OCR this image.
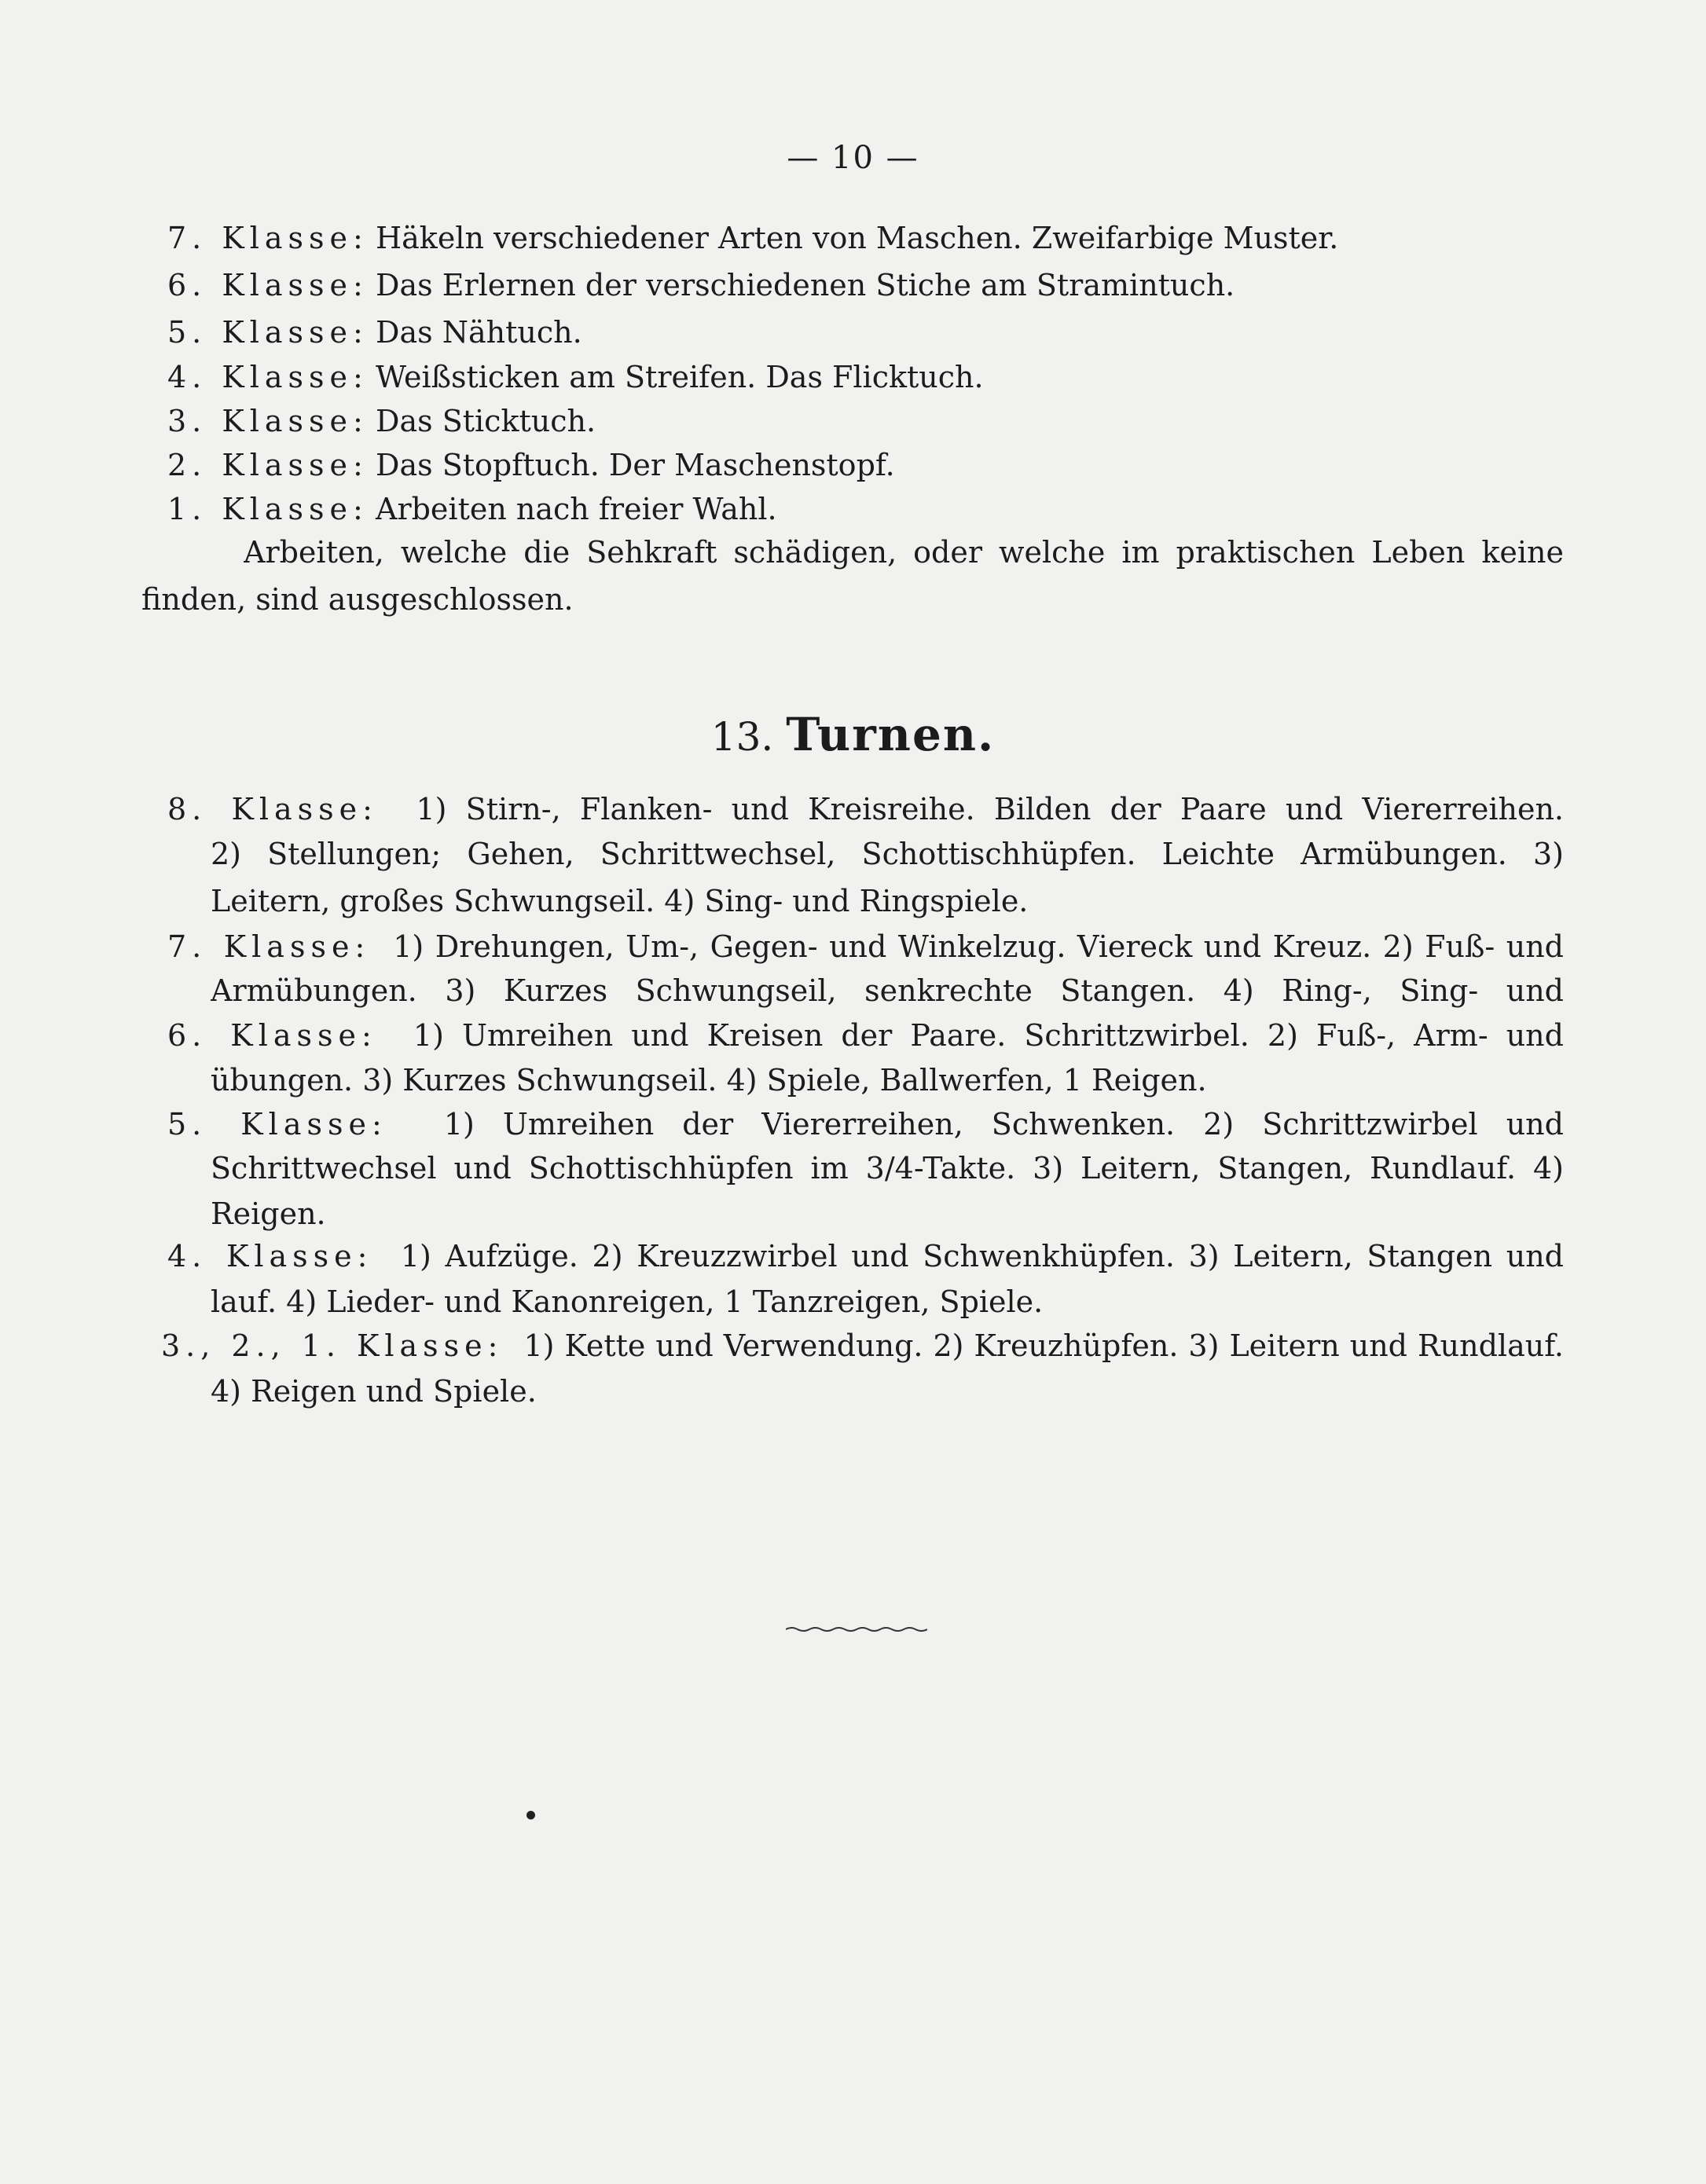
— 10 —
7. Klasse: Häkeln verschiedener Arten von Maschen. Zweifarbige Muster.
6. Klasse: Das Erlernen der verschiedenen Stiche am Stramintuch.
5. Klasse: Das Nähtuch.
4. Klasse: Weißsticken am Streifen. Das Flicktuch.
3. Klasse: Das Sticktuch.
2. Klasse: Das Stopftuch. Der Maschenstopf.
1. Klasse: Arbeiten nach freier Wahl.
Arbeiten, welche die Sehkraft schädigen, oder welche im praktischen Leben keine
finden, sind ausgeschlossen.
13. Turnen.
8. Klasse: 1) Stirn-, Flanken- und Kreisreihe. Bilden der Paare und Viererreihen.
2) Stellungen; Gehen, Schrittwechsel, Schottischhüpfen. Leichte Armübungen. 3)
Leitern, großes Schwungseil. 4) Sing- und Ringspiele.
7. Klasse: 1) Drehungen, Um-, Gegen- und Winkelzug. Viereck und Kreuz. 2) Fuß- und
Armübungen. 3) Kurzes Schwungseil, senkrechte Stangen. 4) Ring-, Sing- und
6. Klasse: 1) Umreihen und Kreisen der Paare. Schrittzwirbel. 2) Fuß-, Arm- und
übungen. 3) Kurzes Schwungseil. 4) Spiele, Ballwerfen, 1 Reigen.
5. Klasse: 1) Umreihen der Viererreihen, Schwenken. 2) Schrittzwirbel und
Schrittwechsel und Schottischhüpfen im 3/4-Takte. 3) Leitern, Stangen, Rundlauf. 4)
Reigen.
4. Klasse: 1) Aufzüge. 2) Kreuzzwirbel und Schwenkhüpfen. 3) Leitern, Stangen und
lauf. 4) Lieder- und Kanonreigen, 1 Tanzreigen, Spiele.
3., 2., 1. Klasse: 1) Kette und Verwendung. 2) Kreuzhüpfen. 3) Leitern und Rundlauf.
4) Reigen und Spiele.
